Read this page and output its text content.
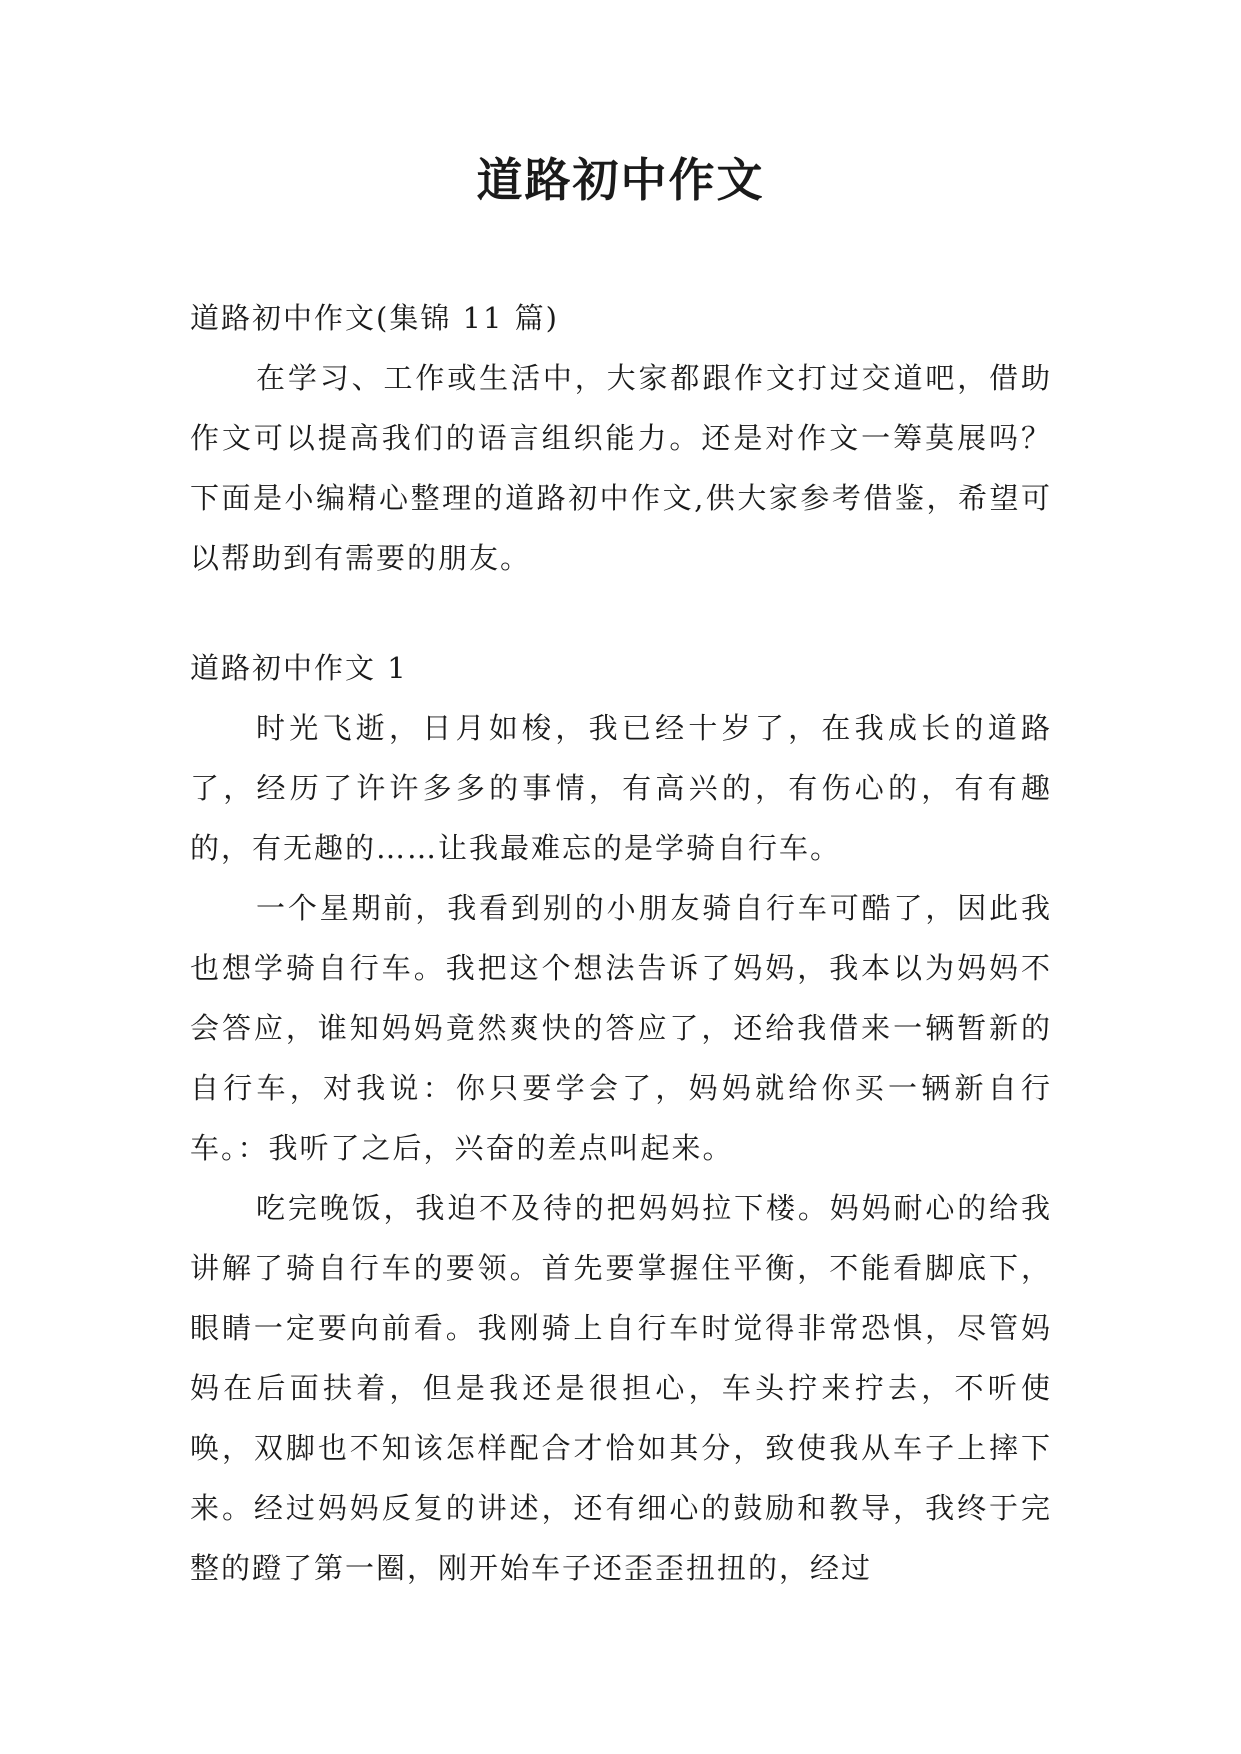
道路初中作文

道路初中作文(集锦 11 篇)

在学习、工作或生活中，大家都跟作文打过交道吧，借助作文可以提高我们的语言组织能力。还是对作文一筹莫展吗？下面是小编精心整理的道路初中作文,供大家参考借鉴，希望可以帮助到有需要的朋友。

道路初中作文 1

时光飞逝，日月如梭，我已经十岁了，在我成长的道路了，经历了许许多多的事情，有高兴的，有伤心的，有有趣的，有无趣的……让我最难忘的是学骑自行车。

一个星期前，我看到别的小朋友骑自行车可酷了，因此我也想学骑自行车。我把这个想法告诉了妈妈，我本以为妈妈不会答应，谁知妈妈竟然爽快的答应了，还给我借来一辆暂新的自行车，对我说：你只要学会了，妈妈就给你买一辆新自行车。：我听了之后，兴奋的差点叫起来。

吃完晚饭，我迫不及待的把妈妈拉下楼。妈妈耐心的给我讲解了骑自行车的要领。首先要掌握住平衡，不能看脚底下，眼睛一定要向前看。我刚骑上自行车时觉得非常恐惧，尽管妈妈在后面扶着，但是我还是很担心，车头拧来拧去，不听使唤，双脚也不知该怎样配合才恰如其分，致使我从车子上摔下来。经过妈妈反复的讲述，还有细心的鼓励和教导，我终于完整的蹬了第一圈，刚开始车子还歪歪扭扭的，经过
